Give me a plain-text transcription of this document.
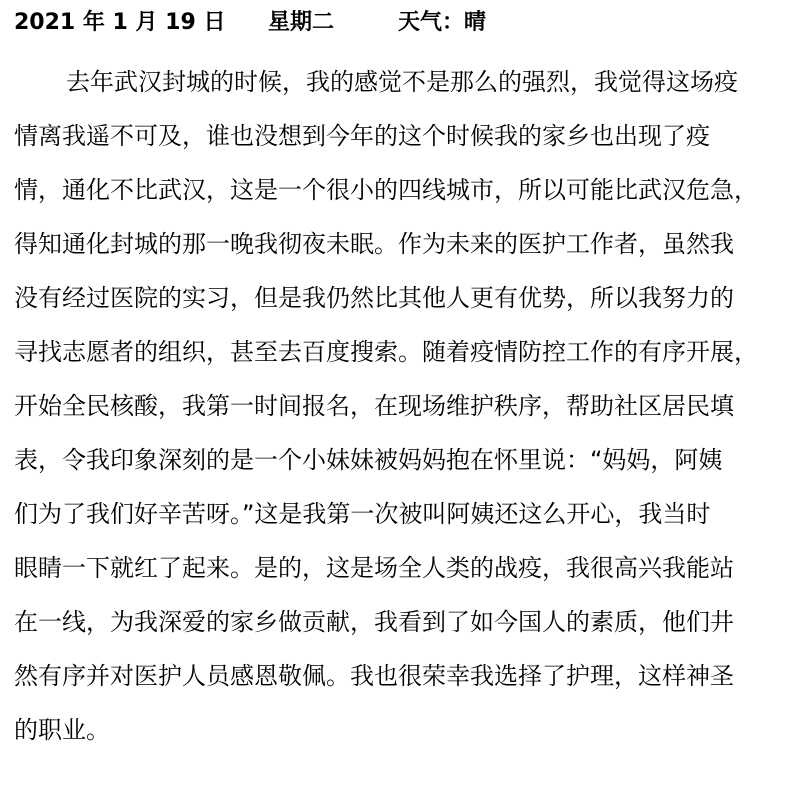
2021 年 1 月 19 日	星期二	天气：晴
去年武汉封城的时候，我的感觉不是那么的强烈，我觉得这场疫
情离我遥不可及，谁也没想到今年的这个时候我的家乡也出现了疫
情，通化不比武汉，这是一个很小的四线城市，所以可能比武汉危急，
得知通化封城的那一晚我彻夜未眠。作为未来的医护工作者，虽然我
没有经过医院的实习，但是我仍然比其他人更有优势，所以我努力的
寻找志愿者的组织，甚至去百度搜索。随着疫情防控工作的有序开展，
开始全民核酸，我第一时间报名，在现场维护秩序，帮助社区居民填
表，令我印象深刻的是一个小妹妹被妈妈抱在怀里说：“妈妈，阿姨
们为了我们好辛苦呀。”这是我第一次被叫阿姨还这么开心，我当时
眼睛一下就红了起来。是的，这是场全人类的战疫，我很高兴我能站
在一线，为我深爱的家乡做贡献，我看到了如今国人的素质，他们井
然有序并对医护人员感恩敬佩。我也很荣幸我选择了护理，这样神圣
的职业。
